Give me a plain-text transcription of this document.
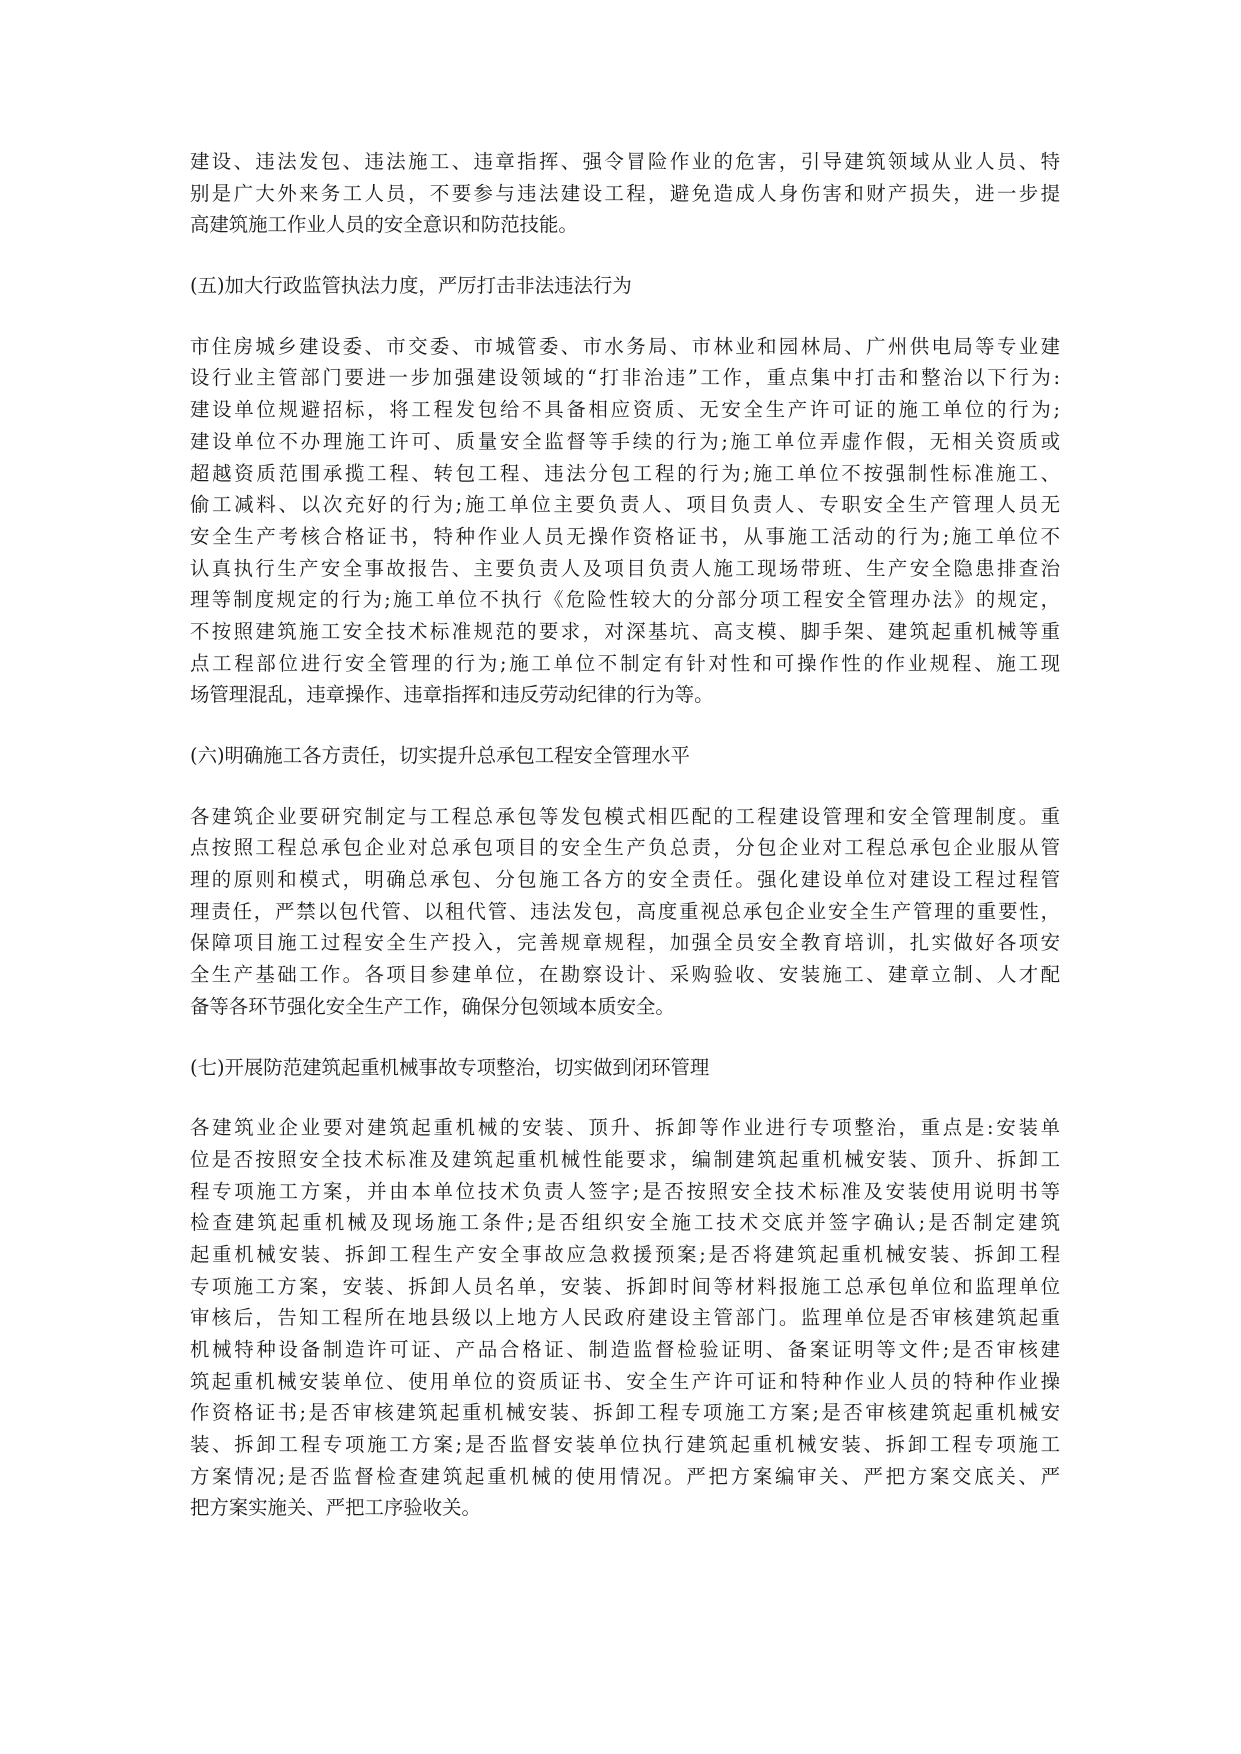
建设、违法发包、违法施工、违章指挥、强令冒险作业的危害，引导建筑领域从业人员、特
别是广大外来务工人员，不要参与违法建设工程，避免造成人身伤害和财产损失，进一步提
高建筑施工作业人员的安全意识和防范技能。
(五)加大行政监管执法力度，严厉打击非法违法行为
市住房城乡建设委、市交委、市城管委、市水务局、市林业和园林局、广州供电局等专业建
设行业主管部门要进一步加强建设领域的“打非治违”工作，重点集中打击和整治以下行为:
建设单位规避招标，将工程发包给不具备相应资质、无安全生产许可证的施工单位的行为;
建设单位不办理施工许可、质量安全监督等手续的行为;施工单位弄虚作假，无相关资质或
超越资质范围承揽工程、转包工程、违法分包工程的行为;施工单位不按强制性标准施工、
偷工减料、以次充好的行为;施工单位主要负责人、项目负责人、专职安全生产管理人员无
安全生产考核合格证书，特种作业人员无操作资格证书，从事施工活动的行为;施工单位不
认真执行生产安全事故报告、主要负责人及项目负责人施工现场带班、生产安全隐患排查治
理等制度规定的行为;施工单位不执行《危险性较大的分部分项工程安全管理办法》的规定，
不按照建筑施工安全技术标准规范的要求，对深基坑、高支模、脚手架、建筑起重机械等重
点工程部位进行安全管理的行为;施工单位不制定有针对性和可操作性的作业规程、施工现
场管理混乱，违章操作、违章指挥和违反劳动纪律的行为等。
(六)明确施工各方责任，切实提升总承包工程安全管理水平
各建筑企业要研究制定与工程总承包等发包模式相匹配的工程建设管理和安全管理制度。重
点按照工程总承包企业对总承包项目的安全生产负总责，分包企业对工程总承包企业服从管
理的原则和模式，明确总承包、分包施工各方的安全责任。强化建设单位对建设工程过程管
理责任，严禁以包代管、以租代管、违法发包，高度重视总承包企业安全生产管理的重要性，
保障项目施工过程安全生产投入，完善规章规程，加强全员安全教育培训，扎实做好各项安
全生产基础工作。各项目参建单位，在勘察设计、采购验收、安装施工、建章立制、人才配
备等各环节强化安全生产工作，确保分包领域本质安全。
(七)开展防范建筑起重机械事故专项整治，切实做到闭环管理
各建筑业企业要对建筑起重机械的安装、顶升、拆卸等作业进行专项整治，重点是:安装单
位是否按照安全技术标准及建筑起重机械性能要求，编制建筑起重机械安装、顶升、拆卸工
程专项施工方案，并由本单位技术负责人签字;是否按照安全技术标准及安装使用说明书等
检查建筑起重机械及现场施工条件;是否组织安全施工技术交底并签字确认;是否制定建筑
起重机械安装、拆卸工程生产安全事故应急救援预案;是否将建筑起重机械安装、拆卸工程
专项施工方案，安装、拆卸人员名单，安装、拆卸时间等材料报施工总承包单位和监理单位
审核后，告知工程所在地县级以上地方人民政府建设主管部门。监理单位是否审核建筑起重
机械特种设备制造许可证、产品合格证、制造监督检验证明、备案证明等文件;是否审核建
筑起重机械安装单位、使用单位的资质证书、安全生产许可证和特种作业人员的特种作业操
作资格证书;是否审核建筑起重机械安装、拆卸工程专项施工方案;是否审核建筑起重机械安
装、拆卸工程专项施工方案;是否监督安装单位执行建筑起重机械安装、拆卸工程专项施工
方案情况;是否监督检查建筑起重机械的使用情况。严把方案编审关、严把方案交底关、严
把方案实施关、严把工序验收关。
